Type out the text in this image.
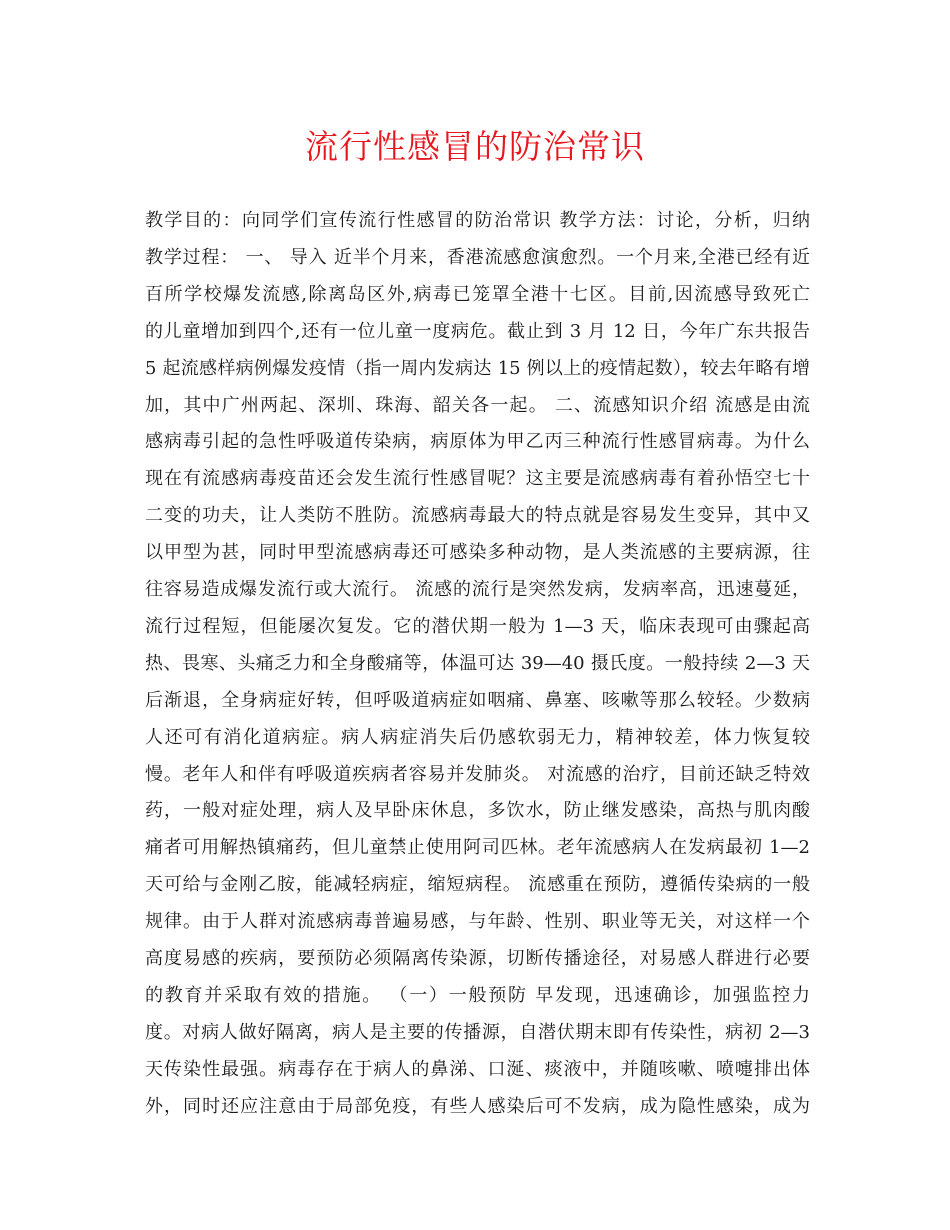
流行性感冒的防治常识
教学目的：向同学们宣传流行性感冒的防治常识 教学方法：讨论，分析，归纳
教学过程： 一、 导入 近半个月来，香港流感愈演愈烈。一个月来,全港已经有近
百所学校爆发流感,除离岛区外,病毒已笼罩全港十七区。目前,因流感导致死亡
的儿童增加到四个,还有一位儿童一度病危。截止到 3 月 12 日，今年广东共报告
5 起流感样病例爆发疫情（指一周内发病达 15 例以上的疫情起数），较去年略有增
加，其中广州两起、深圳、珠海、韶关各一起。 二、流感知识介绍 流感是由流
感病毒引起的急性呼吸道传染病，病原体为甲乙丙三种流行性感冒病毒。为什么
现在有流感病毒疫苗还会发生流行性感冒呢？这主要是流感病毒有着孙悟空七十
二变的功夫，让人类防不胜防。流感病毒最大的特点就是容易发生变异，其中又
以甲型为甚，同时甲型流感病毒还可感染多种动物，是人类流感的主要病源，往
往容易造成爆发流行或大流行。 流感的流行是突然发病，发病率高，迅速蔓延，
流行过程短，但能屡次复发。它的潜伏期一般为 1—3 天，临床表现可由骤起高
热、畏寒、头痛乏力和全身酸痛等，体温可达 39—40 摄氏度。一般持续 2—3 天
后渐退，全身病症好转，但呼吸道病症如咽痛、鼻塞、咳嗽等那么较轻。少数病
人还可有消化道病症。病人病症消失后仍感软弱无力，精神较差，体力恢复较
慢。老年人和伴有呼吸道疾病者容易并发肺炎。 对流感的治疗，目前还缺乏特效
药，一般对症处理，病人及早卧床休息，多饮水，防止继发感染，高热与肌肉酸
痛者可用解热镇痛药，但儿童禁止使用阿司匹林。老年流感病人在发病最初 1—2
天可给与金刚乙胺，能减轻病症，缩短病程。 流感重在预防，遵循传染病的一般
规律。由于人群对流感病毒普遍易感，与年龄、性别、职业等无关，对这样一个
高度易感的疾病，要预防必须隔离传染源，切断传播途径，对易感人群进行必要
的教育并采取有效的措施。 （一）一般预防 早发现，迅速确诊，加强监控力
度。对病人做好隔离，病人是主要的传播源，自潜伏期末即有传染性，病初 2—3
天传染性最强。病毒存在于病人的鼻涕、口涎、痰液中，并随咳嗽、喷嚏排出体
外，同时还应注意由于局部免疫，有些人感染后可不发病，成为隐性感染，成为
